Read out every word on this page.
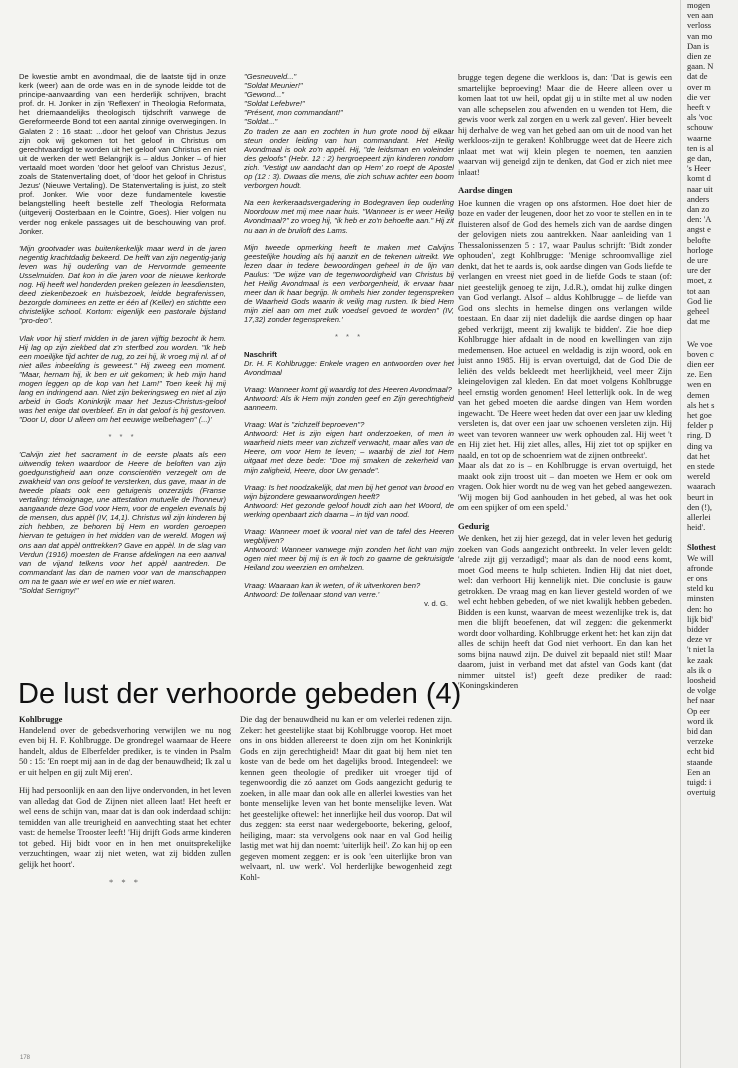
De kwestie ambt en avondmaal, die de laatste tijd in onze kerk (weer) aan de orde was en in de synode leidde tot de principe-aanvaarding van een herderlijk schrijven, bracht prof. dr. H. Jonker in zijn 'Reflexen' in Theologia Reformata, het driemaandelijks theologisch tijdschrift vanwege de Gereformeerde Bond tot een aantal zinnige overwegingen. In Galaten 2 : 16 staat: ...door het geloof van Christus Jezus zijn ook wij gekomen tot het geloof in Christus om gerechtvaardigd te worden uit het geloof van Christus en niet uit de werken der wet! Belangrijk is – aldus Jonker – of hier vertaald moet worden 'door het geloof van Christus Jezus', zoals de Statenvertaling doet, of 'door het geloof in Christus Jezus' (Nieuwe Vertaling). De Statenvertaling is juist, zo stelt prof. Jonker. Wie voor deze fundamentele kwestie belangstelling heeft bestelle zelf Theologia Reformata (uitgeverij Oosterbaan en le Cointre, Goes). Hier volgen nu verder nog enkele passages uit de beschouwing van prof. Jonker.
'Mijn grootvader was buitenkerkelijk maar werd in de jaren negentig krachtdadig bekeerd. De helft van zijn negentig-jarig leven was hij ouderling van de Hervormde gemeente Usselmuiden. Dat kon in die jaren voor de nieuwe kerkorde nog. Hij heeft wel honderden preken gelezen in leesdiensten, deed ziekenbezoek en huisbezoek, leidde begrafenissen, bezorgde dominees en zette er één af (Keller) en stichtte een christelijke school. Kortom: eigenlijk een pastorale bijstand "pro-deo".
Vlak voor hij stierf midden in de jaren vijftig bezocht ik hem. Hij lag op zijn ziekbed dat z'n sterfbed zou worden. "Ik heb een moeilijke tijd achter de rug, zo zei hij, ik vroeg mij nl. af of niet alles inbeelding is geweest." Hij zweeg een moment. "Maar, hernam hij, ik ben er uit gekomen; ik heb mijn hand mogen leggen op de kop van het Lam!" Toen keek hij mij lang en indringend aan. Niet zijn bekeringsweg en niet al zijn arbeid in Gods Koninkrijk maar het Jezus-Christus-geloof was het enige dat overbleef. En in dat geloof is hij gestorven. "Door U, door U alleen om het eeuwige welbehagen" (...)'
* * *
'Calvijn ziet het sacrament in de eerste plaats als een uitwendig teken waardoor de Heere de beloften van zijn goedgunstigheid aan onze conscientiën verzegelt om de zwakheid van ons geloof te versterken, dus gave, maar in de tweede plaats ook een getuigenis onzerzijds (Franse vertaling: témoignage, une attestation mutuelle de l'honneur) aangaande deze God voor Hem, voor de engelen evenals bij de mensen, dus appèl (IV, 14,1). Christus wil zijn kinderen bij zich hebben, ze behoren bij Hem en worden geroepen hiervan te getuigen in het midden van de wereld. Mogen wij ons aan dat appèl onttrekken? Gave en appèl. In de slag van Verdun (1916) moesten de Franse afdelingen na een aanval van de vijand telkens voor het appèl aantreden. De commandant las dan de namen voor van de manschappen om na te gaan wie er wel en wie er niet waren.
"Soldat Serrigny!"
"Gesneuveld..."
"Soldat Meunier!"
"Gewond..."
"Soldat Lefebvre!"
"Présent, mon commandant!"
"Soldat..."
Zo traden ze aan en zochten in hun grote nood bij elkaar steun onder leiding van hun commandant. Het Heilig Avondmaal is ook zo'n appèl. Hij, "de leidsman en voleinder des geloofs" (Hebr. 12 : 2) hergroepeert zijn kinderen rondom zich. 'Vestigt uw aandacht dan op Hem' zo roept de Apostel op (12 : 3). Dwaas die mens, die zich schuw achter een boom verborgen houdt.
Na een kerkeraadsvergadering in Bodegraven liep ouderling Noordouw met mij mee naar huis. "Wanneer is er weer Heilig Avondmaal?" zo vroeg hij, "ik heb er zo'n behoefte aan." Hij zit nu aan in de bruiloft des Lams.
Mijn tweede opmerking heeft te maken met Calvijns geestelijke houding als hij aanzit en de tekenen uitreikt. We lezen daar in tedere bewoordingen geheel in de lijn van Paulus: "De wijze van de tegenwoordigheid van Christus bij het Heilig Avondmaal is een verborgenheid, ik ervaar haar meer dan ik haar begrijp. Ik omhels hier zonder tegenspreken de Waarheid Gods waarin ik veilig mag rusten. Ik bied Hem mijn ziel aan om met zulk voedsel gevoed te worden" (IV, 17,32) zonder tegenspreken.'
* * *
Naschrift
Dr. H. F. Kohlbrugge: Enkele vragen en antwoorden over het Avondmaal
Vraag: Wanneer komt gij waardig tot des Heeren Avondmaal?
Antwoord: Als ik Hem mijn zonden geef en Zijn gerechtigheid aanneem.
Vraag: Wat is "zichzelf beproeven"?
Antwoord: Het is zijn eigen hart onderzoeken, of men in waarheid niets meer van zichzelf verwacht, maar alles van de Heere, om voor Hem te leven; – waarbij de ziel tot Hem uitgaat met deze bede: "Doe mij smaken de zekerheid van mijn zaligheid, Heere, door Uw genade".
Vraag: Is het noodzakelijk, dat men bij het genot van brood en wijn bijzondere gewaarwordingen heeft?
Antwoord: Het gezonde geloof houdt zich aan het Woord, de werking openbaart zich daarna – in tijd van nood.
Vraag: Wanneer moet ik vooral niet van de tafel des Heeren wegblijven?
Antwoord: Wanneer vanwege mijn zonden het licht van mijn ogen niet meer bij mij is en ik toch zo gaarne de gekruisigde Heiland zou weerzien en omhelzen.
Vraag: Waaraan kan ik weten, of ik uitverkoren ben?
Antwoord: De tollenaar stond van verre.'
v. d. G.
brugge tegen degene die werkloos is, dan: 'Dat is gewis een smartelijke beproeving! Maar die de Heere alleen over u komen laat tot uw heil, opdat gij u in stilte met al uw noden van alle schepselen zou afwenden en u wenden tot Hem, die gewis voor werk zal zorgen en u werk zal geven'. Hier beveelt hij derhalve de weg van het gebed aan om uit de nood van het werkloos-zijn te geraken! Kohlbrugge weet dat de Heere zich inlaat met wat wij klein plegen te noemen, ten aanzien waarvan wij geneigd zijn te denken, dat God er zich niet mee inlaat!
Aardse dingen
Hoe kunnen die vragen op ons afstormen. Hoe doet hier de boze en vader der leugenen, door het zo voor te stellen en in te fluisteren alsof de God des hemels zich van de aardse dingen der gelovigen niets zou aantrekken. Naar aanleiding van 1 Thessalonissenzen 5 : 17, waar Paulus schrijft: 'Bidt zonder ophouden', zegt Kohlbrugge: 'Menige schroomvallige ziel denkt, dat het te aards is, ook aardse dingen van Gods liefde te verlangen en vreest niet goed in de liefde Gods te staan (of: niet geestelijk genoeg te zijn, J.d.R.), omdat hij zulke dingen van God verlangt. Alsof – aldus Kohlbrugge – de liefde van God ons slechts in hemelse dingen ons verlangen wilde toestaan. En daar zij niet dadelijk die aardse dingen op haar gebed verkrijgt, meent zij kwalijk te bidden'. Zie hoe diep Kohlbrugge hier afdaalt in de nood en kwellingen van zijn medemensen. Hoe actueel en weldadig is zijn woord, ook en juist anno 1985. Hij is ervan overtuigd, dat de God Die de leliën des velds bekleedt met heerlijkheid, veel meer Zijn kleingelovigen zal kleden. En dat moet volgens Kohlbrugge heel ernstig worden genomen! Heel letterlijk ook. In de weg van het gebed moeten die aardse dingen van Hem worden ingewacht. 'De Heere weet heden dat over een jaar uw kleding versleten is, dat over een jaar uw schoenen versleten zijn. Hij weet van tevoren wanneer uw werk ophouden zal. Hij weet 't en Hij ziet het. Hij ziet alles, alles, Hij ziet tot op spijker en naald, en tot op de schoenriem wat de zijnen ontbreekt'.
Maar als dat zo is – en Kohlbrugge is ervan overtuigd, het maakt ook zijn troost uit – dan moeten we Hem er ook om vragen. Ook hier wordt nu de weg van het gebed aangewezen. 'Wij mogen bij God aanhouden in het gebed, al was het ook om een spijker of om een speld.'
Gedurig
We denken, het zij hier gezegd, dat in veler leven het gedurig zoeken van Gods aangezicht ontbreekt. In veler leven geldt: 'alrede zijt gij verzadigd'; maar als dan de nood eens komt, moet God meens te hulp schieten. Indien Hij dat niet doet, wel: dan verhoort Hij kennelijk niet. Die conclusie is gauw getrokken. De vraag mag en kan liever gesteld worden of we wel echt hebben gebeden, of we niet kwalijk hebben gebeden. Bidden is een kunst, waarvan de meest wezenlijke trek is, dat men die blijft beoefenen, dat wil zeggen: die gekenmerkt wordt door volharding. Kohlbrugge erkent het: het kan zijn dat alles de schijn heeft dat God niet verhoort. En dan kan het soms bijna nauwd zijn. De duivel zit bepaald niet stil! Maar daarom, juist in verband met dat afstel van Gods kant (dat nimmer uitstel is!) geeft deze prediker de raad: 'Koningskinderen
De lust der verhoorde gebeden (4)
Kohlbrugge
Handelend over de gebedsverhoring verwijlen we nu nog even bij H. F. Kohlbrugge. De grondregel waarnaar de Heere handelt, aldus de Elberfelder prediker, is te vinden in Psalm 50 : 15: 'En roept mij aan in de dag der benauwdheid; Ik zal u er uit helpen en gij zult Mij eren'.
Hij had persoonlijk en aan den lijve ondervonden, in het leven van alledag dat God de Zijnen niet alleen laat! Het heeft er wel eens de schijn van, maar dat is dan ook inderdaad schijn: temidden van alle treurigheid en aanvechting staat het echter vast: de hemelse Trooster leeft! 'Hij drijft Gods arme kinderen tot gebed. Hij bidt voor en in hen met onuitsprekelijke verzuchtingen, waar zij niet weten, wat zij bidden zullen gelijk het hoort'.
* * *
Die dag der benauwdheid nu kan er om velerlei redenen zijn. Zeker: het geestelijke staat bij Kohlbrugge voorop. Het moet ons in ons bidden allereerst te doen zijn om het Koninkrijk Gods en zijn gerechtigheid! Maar dit gaat bij hem niet ten koste van de bede om het dagelijks brood. Integendeel: we kennen geen theologie of prediker uit vroeger tijd of tegenwoordig die zó aanzet om Gods aangezicht gedurig te zoeken, in alle maar dan ook alle en allerlei kwesties van het bonte menselijke leven van het bonte menselijke leven. Wat het geestelijke oftewel: het innerlijke heil dus voorop. Dat wil dus zeggen: sta eerst naar wedergeboorte, bekering, geloof, heiliging, maar: sta vervolgens ook naar en val God heilig lastig met wat hij dan noemt: 'uiterlijk heil'. Zo kan hij op een gegeven moment zeggen: er is ook 'een uiterlijke bron van welvaart, nl. uw werk'. Vol herderlijke bewogenheid zegt Kohl-
178
mogen
ven aan
verloss
van mo
Dan is
dien ze
gaan. N
dat de
over m
die ver
heeft v
als 'voc
schouw
waarne
ten is al
ge dan,
's Heer
komt d
naar uit
anders
dan zo
den: 'A
angst e
belofte
horloge
de ure
ure der
moet, z
tot aan
God lie
geheel
dat me
We voe
boven c
dien eer
ze. Een
wen en
demen
als het s
het goe
felder p
ring. D
ding va
dat het
en stede
wereld
waarach
beurt in
den (!),
allerlei
heid'.
Slothest
We will
afronde
er ons
steld ku
minsten
den: ho
lijk bid'
bidder
deze vr
't niet la
ke zaak
als ik o
loosheid
de volge
hef naar
Op eer
word ik
bid dan
verzeke
echt bid
staande
Een an
tuigd: i
overtuig
